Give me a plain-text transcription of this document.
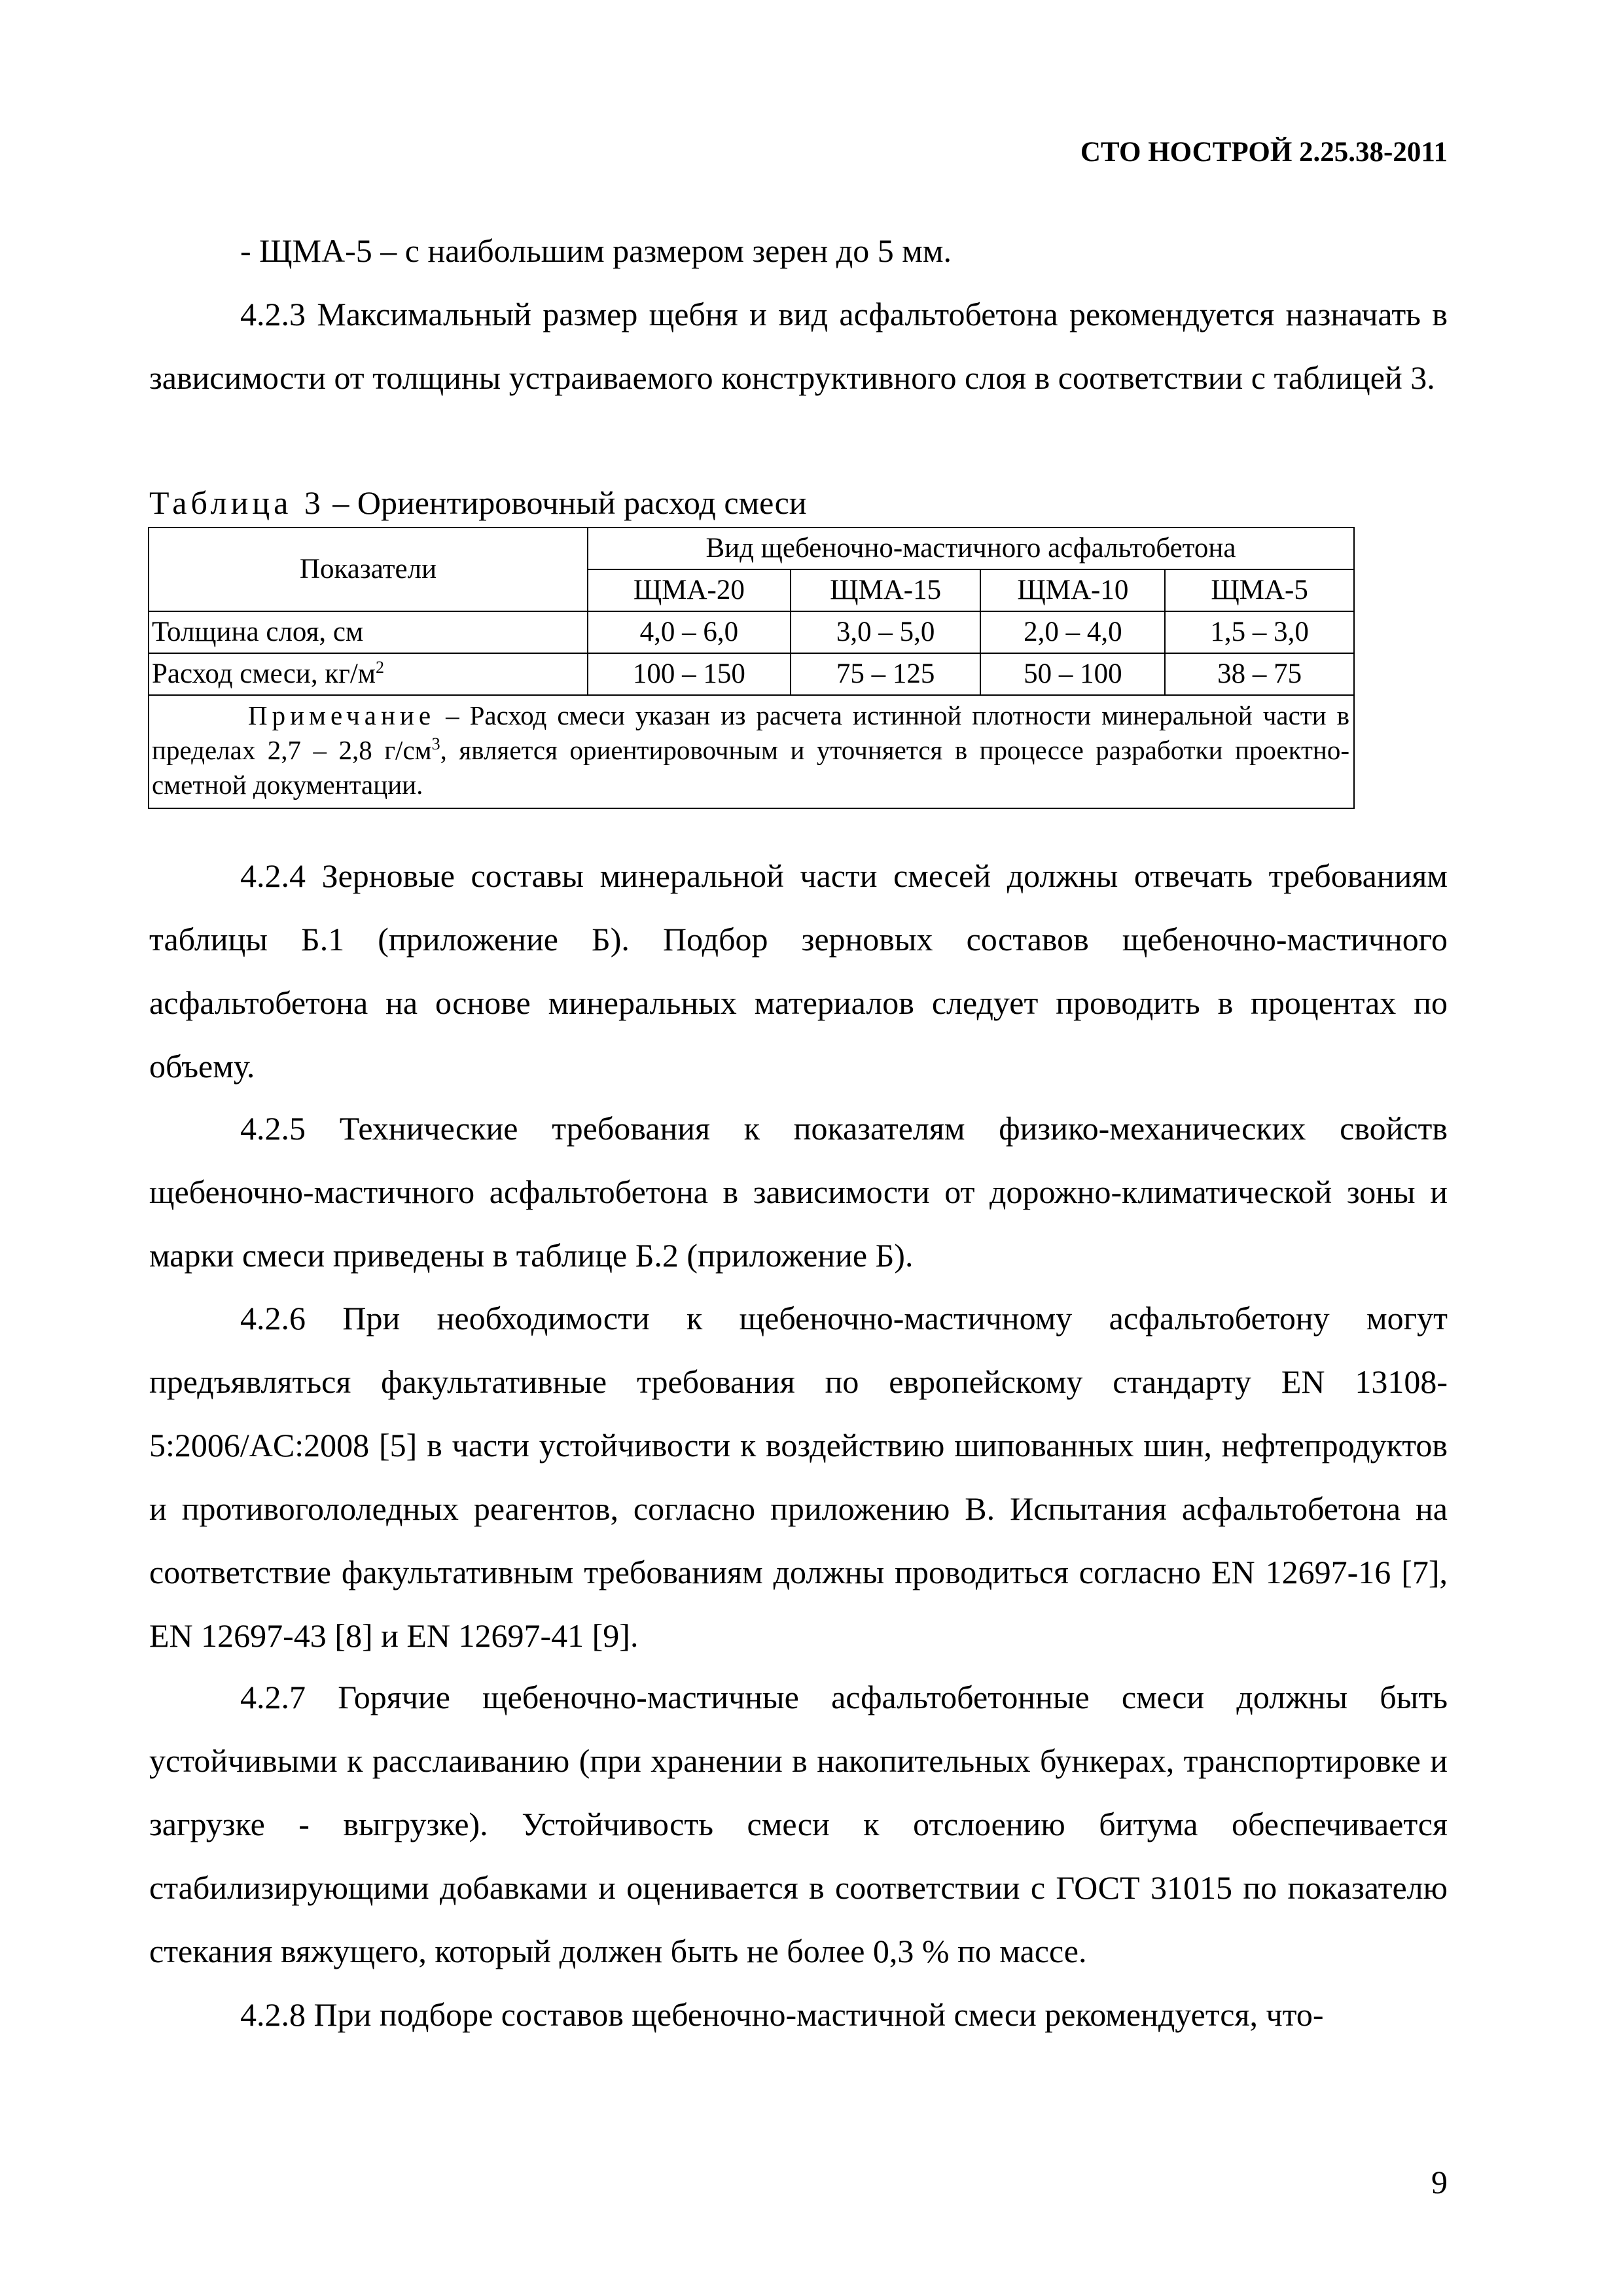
СТО НОСТРОЙ 2.25.38-2011
- ЩМА-5 – с наибольшим размером зерен до 5 мм.
4.2.3 Максимальный размер щебня и вид асфальтобетона рекомендуется назначать в зависимости от толщины устраиваемого конструктивного слоя в соответствии с таблицей 3.
Таблица 3 – Ориентировочный расход смеси
Показатели	Вид щебеночно-мастичного асфальтобетона			
	ЩМА-20	ЩМА-15	ЩМА-10	ЩМА-5
Толщина слоя, см	4,0 – 6,0	3,0 – 5,0	2,0 – 4,0	1,5 – 3,0
Расход смеси, $кг/м^2$	100 – 150	75 – 125	50 – 100	38 – 75
Примечание – Расход смеси указан из расчета истинной плотности минеральной части в пределах 2,7 – 2,8 $г/см^3$, является ориентировочным и уточняется в процессе разработки проектно-сметной документации.				
4.2.4 Зерновые составы минеральной части смесей должны отвечать требованиям таблицы Б.1 (приложение Б). Подбор зерновых составов щебеночно-мастичного асфальтобетона на основе минеральных материалов следует проводить в процентах по объему.
4.2.5 Технические требования к показателям физико-механических свойств щебеночно-мастичного асфальтобетона в зависимости от дорожно-климатической зоны и марки смеси приведены в таблице Б.2 (приложение Б).
4.2.6 При необходимости к щебеночно-мастичному асфальтобетону могут предъявляться факультативные требования по европейскому стандарту EN 13108-5:2006/AC:2008 [5] в части устойчивости к воздействию шипованных шин, нефтепродуктов и противогололедных реагентов, согласно приложению В. Испытания асфальтобетона на соответствие факультативным требованиям должны проводиться согласно EN 12697-16 [7], EN 12697-43 [8] и EN 12697-41 [9].
4.2.7 Горячие щебеночно-мастичные асфальтобетонные смеси должны быть устойчивыми к расслаиванию (при хранении в накопительных бункерах, транспортировке и загрузке - выгрузке). Устойчивость смеси к отслоению битума обеспечивается стабилизирующими добавками и оценивается в соответствии с ГОСТ 31015 по показателю стекания вяжущего, который должен быть не более 0,3 % по массе.
4.2.8 При подборе составов щебеночно-мастичной смеси рекомендуется, что-
9
